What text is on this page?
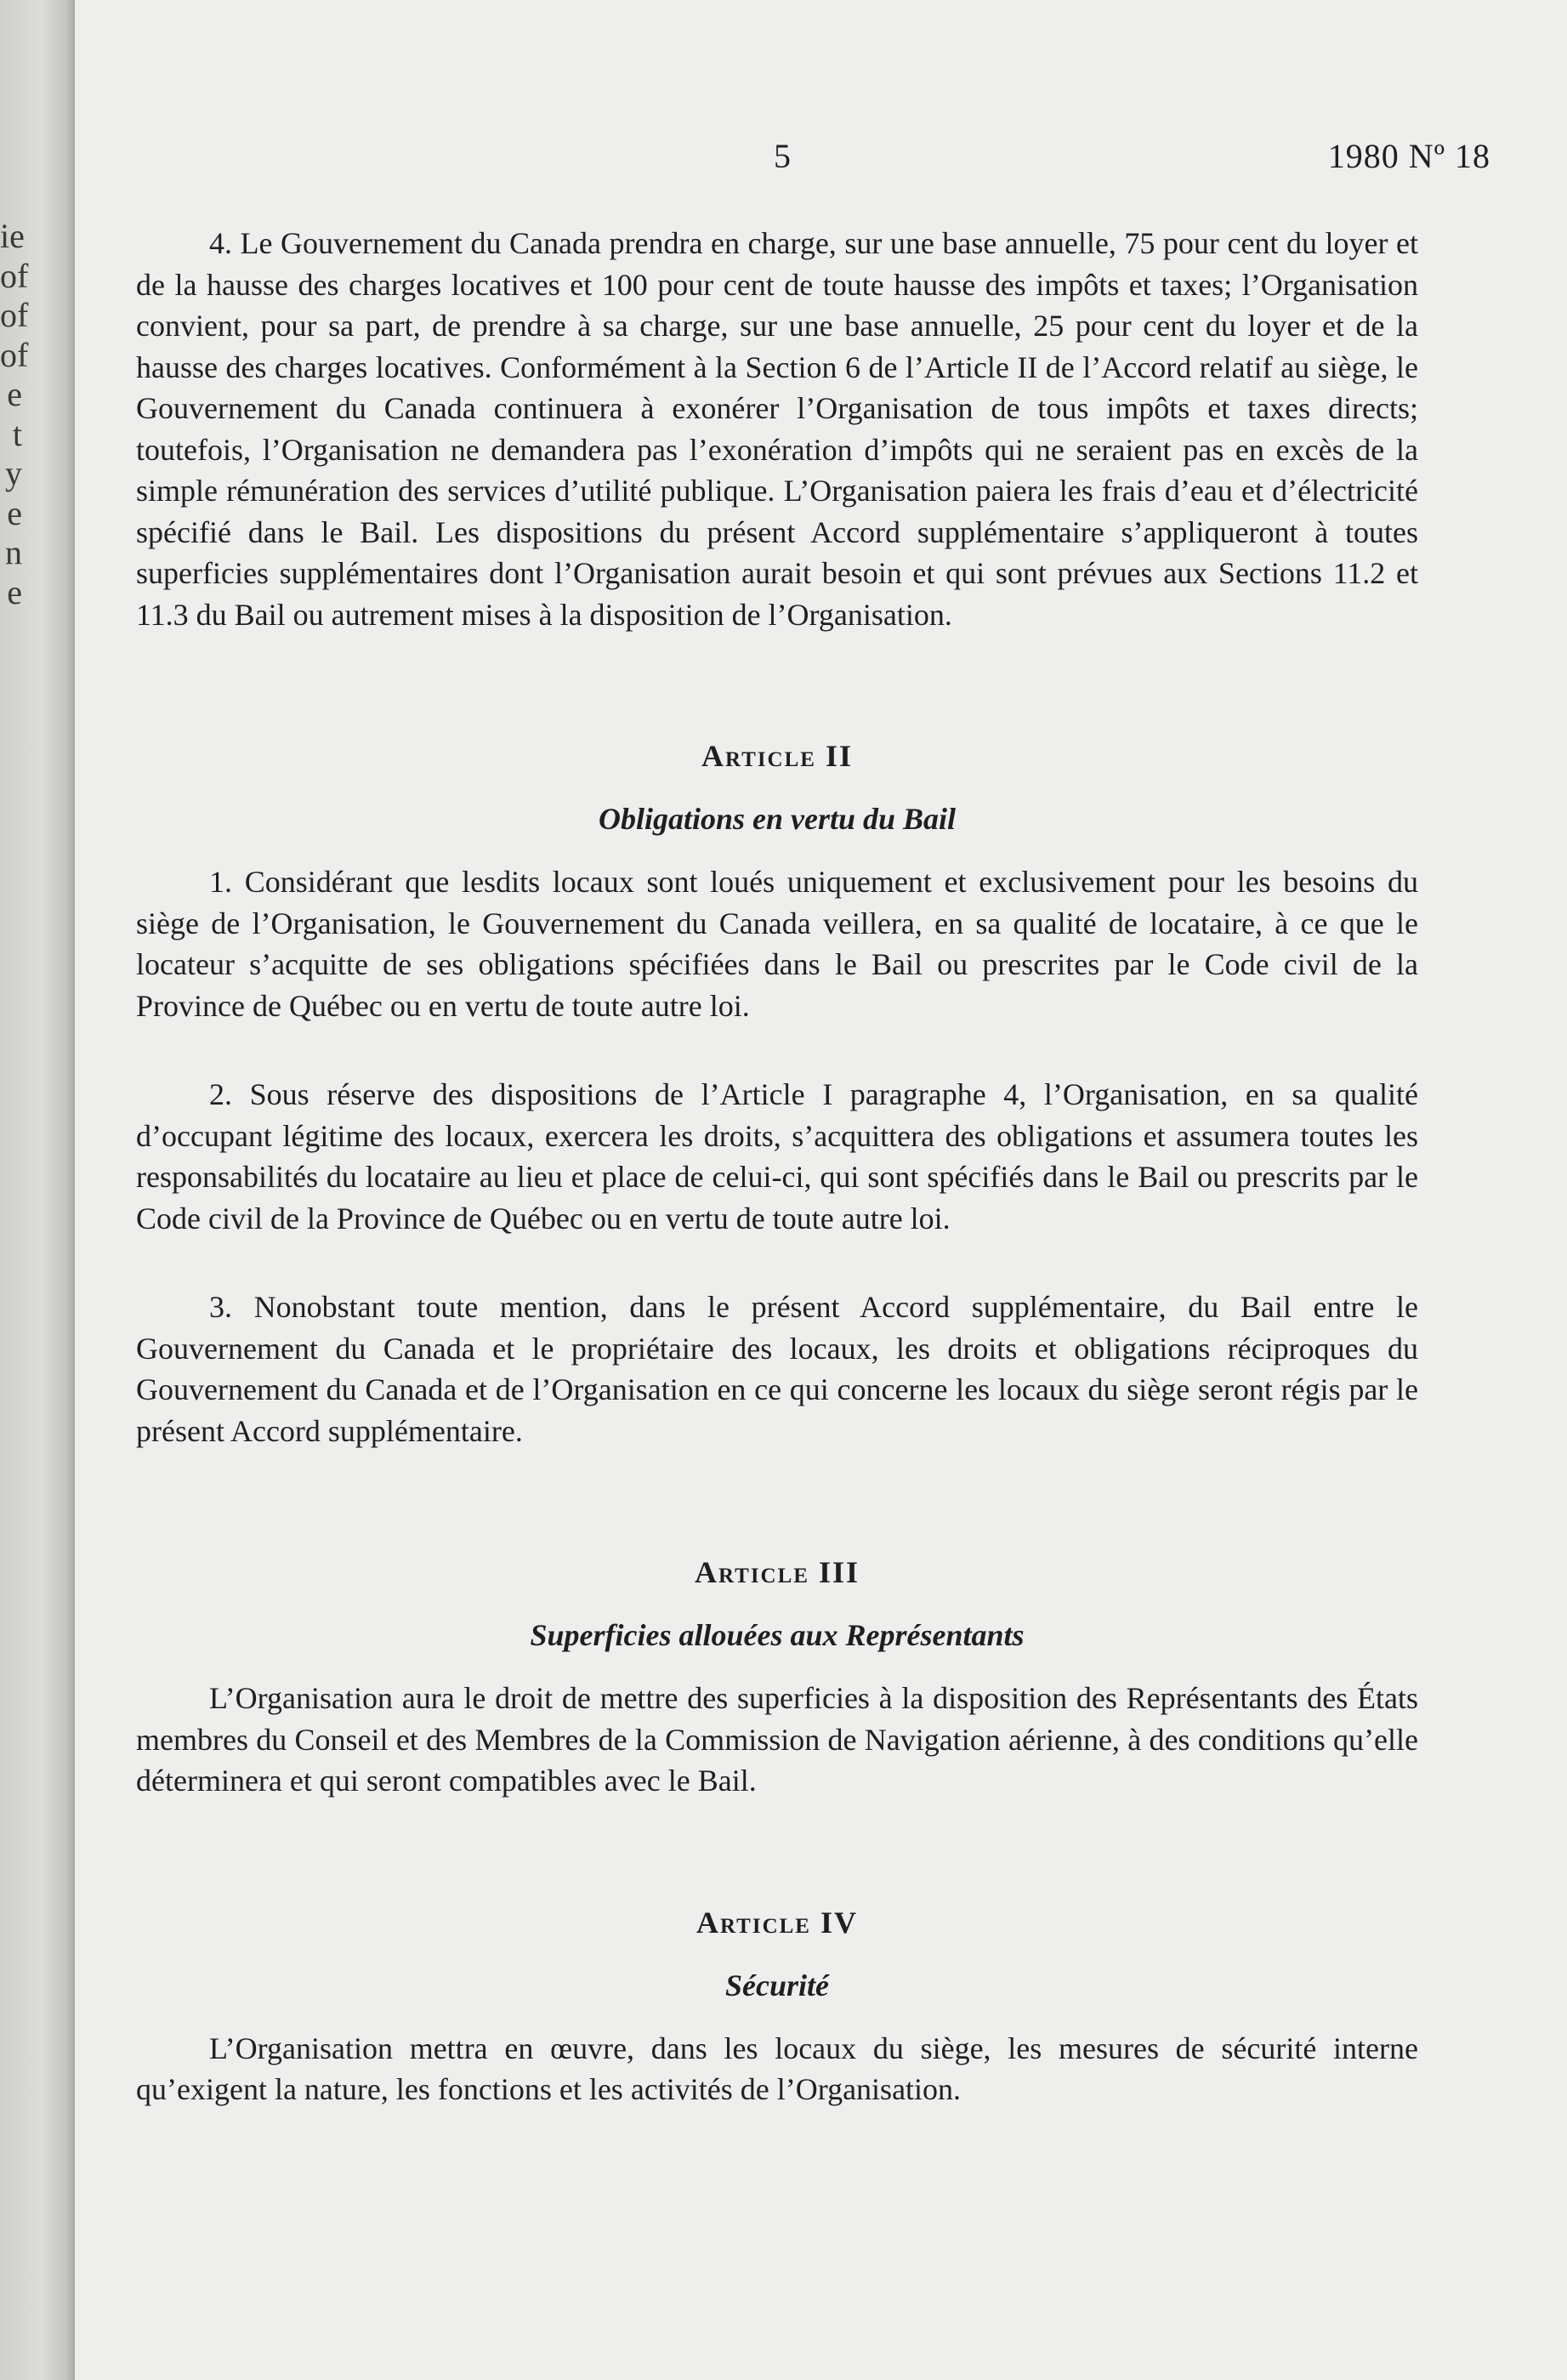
ie
of
of
of
e
t
y
e
n
e
5	1980 Nº 18

4. Le Gouvernement du Canada prendra en charge, sur une base annuelle, 75 pour cent du loyer et de la hausse des charges locatives et 100 pour cent de toute hausse des impôts et taxes; l’Organisation convient, pour sa part, de prendre à sa charge, sur une base annuelle, 25 pour cent du loyer et de la hausse des charges locatives. Conformément à la Section 6 de l’Article II de l’Accord relatif au siège, le Gouvernement du Canada continuera à exonérer l’Organisation de tous impôts et taxes directs; toutefois, l’Organisation ne demandera pas l’exonération d’impôts qui ne seraient pas en excès de la simple rémunération des services d’utilité publique. L’Organisation paiera les frais d’eau et d’électricité spécifié dans le Bail. Les dispositions du présent Accord supplémentaire s’appliqueront à toutes superficies supplémentaires dont l’Organisation aurait besoin et qui sont prévues aux Sections 11.2 et 11.3 du Bail ou autrement mises à la disposition de l’Organisation.

Article II
Obligations en vertu du Bail

1. Considérant que lesdits locaux sont loués uniquement et exclusivement pour les besoins du siège de l’Organisation, le Gouvernement du Canada veillera, en sa qualité de locataire, à ce que le locateur s’acquitte de ses obligations spécifiées dans le Bail ou prescrites par le Code civil de la Province de Québec ou en vertu de toute autre loi.

2. Sous réserve des dispositions de l’Article I paragraphe 4, l’Organisation, en sa qualité d’occupant légitime des locaux, exercera les droits, s’acquittera des obligations et assumera toutes les responsabilités du locataire au lieu et place de celui-ci, qui sont spécifiés dans le Bail ou prescrits par le Code civil de la Province de Québec ou en vertu de toute autre loi.

3. Nonobstant toute mention, dans le présent Accord supplémentaire, du Bail entre le Gouvernement du Canada et le propriétaire des locaux, les droits et obligations réciproques du Gouvernement du Canada et de l’Organisation en ce qui concerne les locaux du siège seront régis par le présent Accord supplémentaire.

Article III
Superficies allouées aux Représentants

L’Organisation aura le droit de mettre des superficies à la disposition des Représentants des États membres du Conseil et des Membres de la Commission de Navigation aérienne, à des conditions qu’elle déterminera et qui seront compatibles avec le Bail.

Article IV
Sécurité

L’Organisation mettra en œuvre, dans les locaux du siège, les mesures de sécurité interne qu’exigent la nature, les fonctions et les activités de l’Organisation.
